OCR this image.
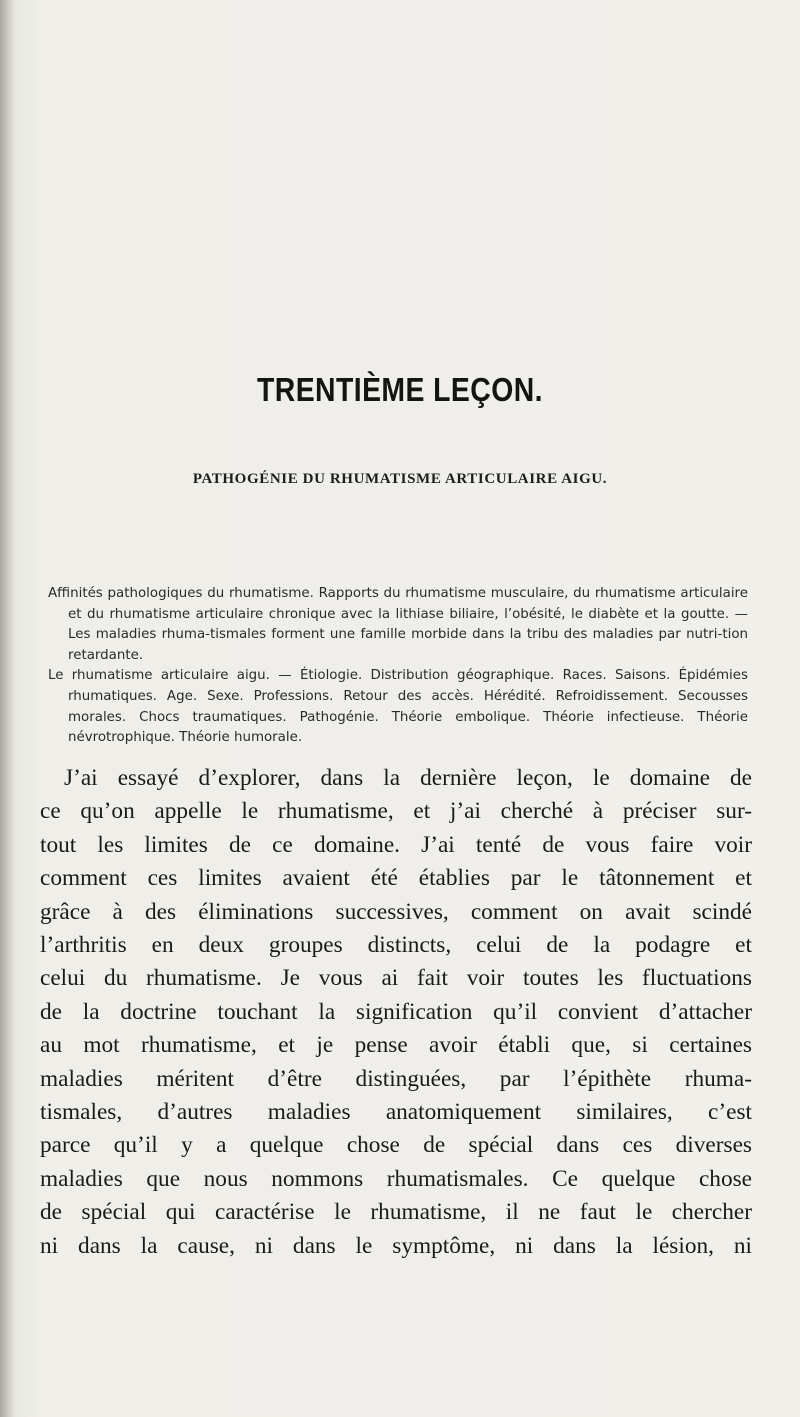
TRENTIÈME LEÇON.
PATHOGÉNIE DU RHUMATISME ARTICULAIRE AIGU.

Affinités pathologiques du rhumatisme. Rapports du rhumatisme musculaire, du rhumatisme articulaire et du rhumatisme articulaire chronique avec la lithiase biliaire, l’obésité, le diabète et la goutte. — Les maladies rhuma-tismales forment une famille morbide dans la tribu des maladies par nutri-tion retardante.

Le rhumatisme articulaire aigu. — Étiologie. Distribution géographique. Races. Saisons. Épidémies rhumatiques. Age. Sexe. Professions. Retour des accès. Hérédité. Refroidissement. Secousses morales. Chocs traumatiques. Pathogénie. Théorie embolique. Théorie infectieuse. Théorie névrotrophique. Théorie humorale.

J’ai essayé d’explorer, dans la dernière leçon, le domaine de
ce qu’on appelle le rhumatisme, et j’ai cherché à préciser sur-
tout les limites de ce domaine. J’ai tenté de vous faire voir
comment ces limites avaient été établies par le tâtonnement et
grâce à des éliminations successives, comment on avait scindé
l’arthritis en deux groupes distincts, celui de la podagre et
celui du rhumatisme. Je vous ai fait voir toutes les fluctuations
de la doctrine touchant la signification qu’il convient d’attacher
au mot rhumatisme, et je pense avoir établi que, si certaines
maladies méritent d’être distinguées, par l’épithète rhuma-
tismales, d’autres maladies anatomiquement similaires, c’est
parce qu’il y a quelque chose de spécial dans ces diverses
maladies que nous nommons rhumatismales. Ce quelque chose
de spécial qui caractérise le rhumatisme, il ne faut le chercher
ni dans la cause, ni dans le symptôme, ni dans la lésion, ni
